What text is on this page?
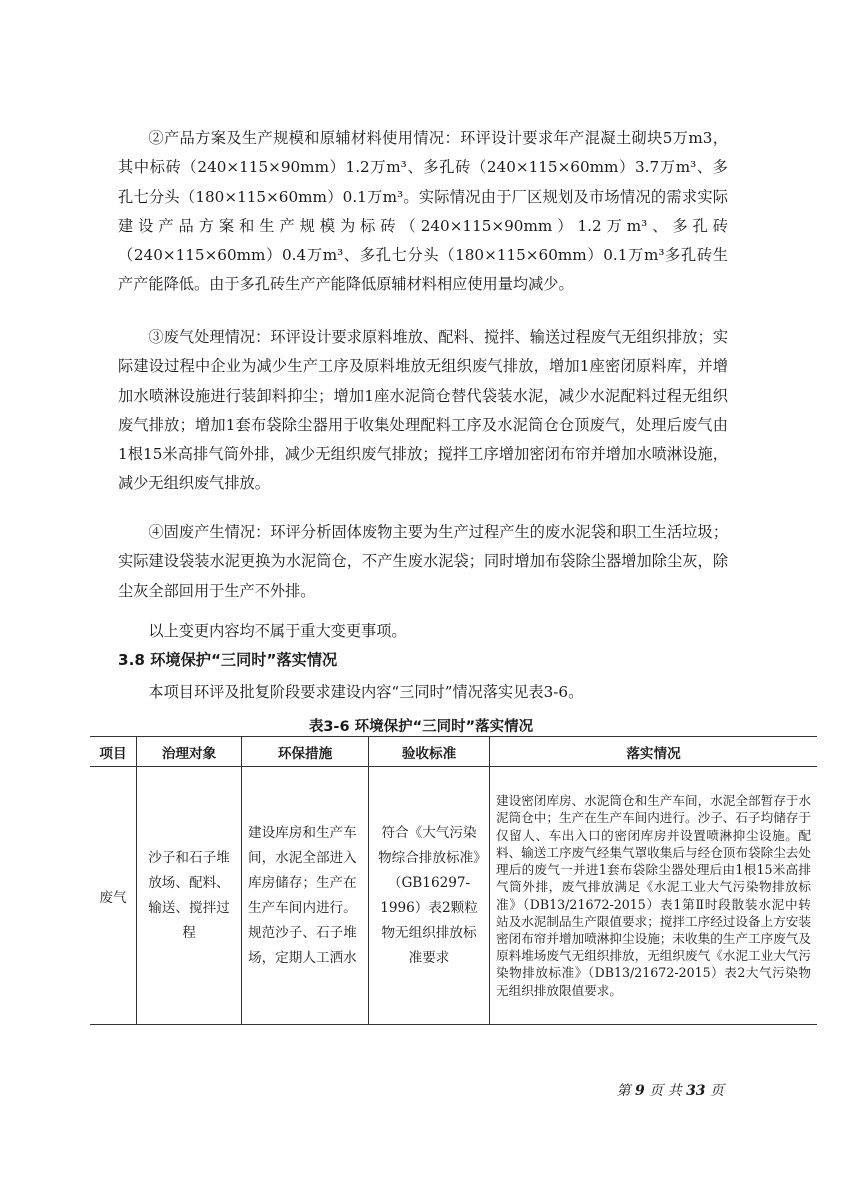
②产品方案及生产规模和原辅材料使用情况：环评设计要求年产混凝土砌块5万m3，其中标砖（240×115×90mm）1.2万m³、多孔砖（240×115×60mm）3.7万m³、多孔七分头（180×115×60mm）0.1万m³。实际情况由于厂区规划及市场情况的需求实际建设产品方案和生产规模为标砖（240×115×90mm）1.2万m³、多孔砖（240×115×60mm）0.4万m³、多孔七分头（180×115×60mm）0.1万m³多孔砖生产产能降低。由于多孔砖生产产能降低原辅材料相应使用量均减少。

③废气处理情况：环评设计要求原料堆放、配料、搅拌、输送过程废气无组织排放；实际建设过程中企业为减少生产工序及原料堆放无组织废气排放，增加1座密闭原料库，并增加水喷淋设施进行装卸料抑尘；增加1座水泥筒仓替代袋装水泥，减少水泥配料过程无组织废气排放；增加1套布袋除尘器用于收集处理配料工序及水泥筒仓仓顶废气，处理后废气由1根15米高排气筒外排，减少无组织废气排放；搅拌工序增加密闭布帘并增加水喷淋设施，减少无组织废气排放。

④固废产生情况：环评分析固体废物主要为生产过程产生的废水泥袋和职工生活垃圾；实际建设袋装水泥更换为水泥筒仓，不产生废水泥袋；同时增加布袋除尘器增加除尘灰，除尘灰全部回用于生产不外排。

以上变更内容均不属于重大变更事项。

3.8 环境保护“三同时”落实情况

本项目环评及批复阶段要求建设内容“三同时”情况落实见表3-6。

表3-6 环境保护“三同时”落实情况
项目	治理对象	环保措施	验收标准	落实情况
废气	沙子和石子堆放场、配料、输送、搅拌过程	建设库房和生产车间，水泥全部进入库房储存；生产在生产车间内进行。规范沙子、石子堆场，定期人工洒水	符合《大气污染物综合排放标准》（GB16297-1996）表2颗粒物无组织排放标准要求	建设密闭库房、水泥筒仓和生产车间，水泥全部暂存于水泥筒仓中；生产在生产车间内进行。沙子、石子均储存于仅留人、车出入口的密闭库房并设置喷淋抑尘设施。配料、输送工序废气经集气罩收集后与经仓顶布袋除尘去处理后的废气一并进1套布袋除尘器处理后由1根15米高排气筒外排，废气排放满足《水泥工业大气污染物排放标准》（DB13/21672-2015）表1第Ⅱ时段散装水泥中转站及水泥制品生产限值要求；搅拌工序经过设备上方安装密闭布帘并增加喷淋抑尘设施；未收集的生产工序废气及原料堆场废气无组织排放，无组织废气《水泥工业大气污染物排放标准》（DB13/21672-2015）表2大气污染物无组织排放限值要求。
第 9 页 共 33 页
